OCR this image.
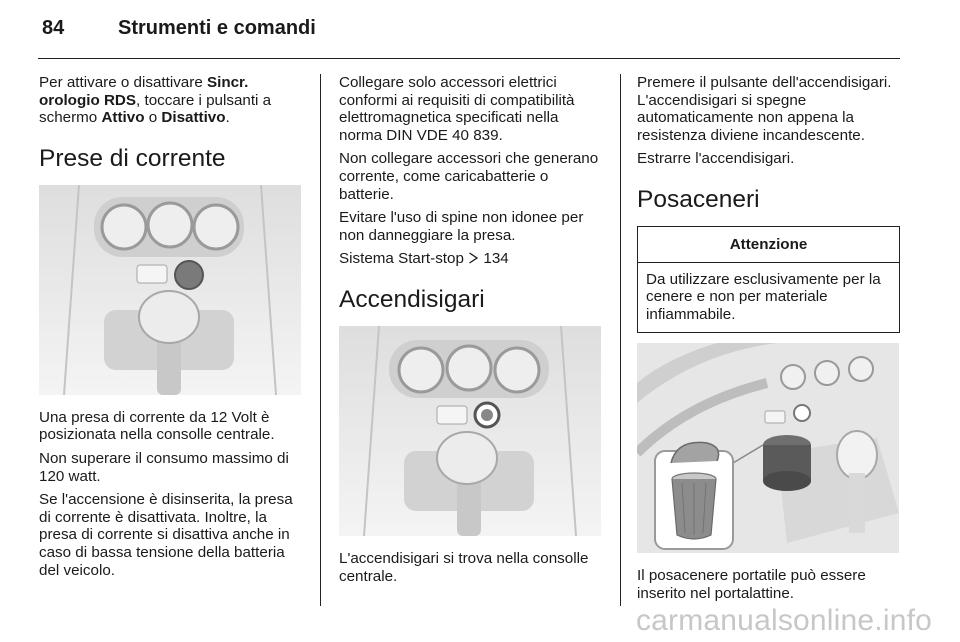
84	Strumenti e comandi

Per attivare o disattivare Sincr. orologio RDS, toccare i pulsanti a schermo Attivo o Disattivo.

Prese di corrente

Una presa di corrente da 12 Volt è posizionata nella consolle centrale.

Non superare il consumo massimo di 120 watt.

Se l'accensione è disinserita, la presa di corrente è disattivata. Inoltre, la presa di corrente si disattiva anche in caso di bassa tensione della batteria del veicolo.

Collegare solo accessori elettrici conformi ai requisiti di compatibilità elettromagnetica specificati nella norma DIN VDE 40 839.

Non collegare accessori che generano corrente, come caricabatterie o batterie.

Evitare l'uso di spine non idonee per non danneggiare la presa.

Sistema Start-stop  134

Accendisigari

L'accendisigari si trova nella consolle centrale.

Premere il pulsante dell'accendisigari. L'accendisigari si spegne automaticamente non appena la resistenza diviene incandescente.

Estrarre l'accendisigari.

Posaceneri
Attenzione
Da utilizzare esclusivamente per la cenere e non per materiale infiammabile.

Il posacenere portatile può essere inserito nel portalattine.

carmanualsonline.info
